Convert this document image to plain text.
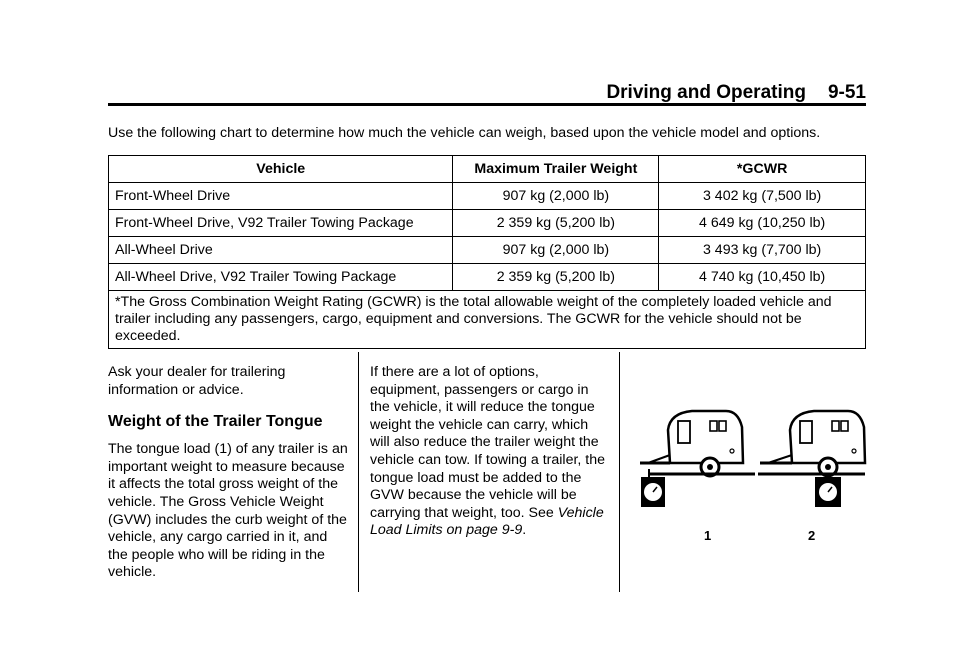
Driving and Operating 9-51
Use the following chart to determine how much the vehicle can weigh, based upon the vehicle model and options.
Vehicle	Maximum Trailer Weight	*GCWR
Front-Wheel Drive	907 kg (2,000 lb)	3 402 kg (7,500 lb)
Front-Wheel Drive, V92 Trailer Towing Package	2 359 kg (5,200 lb)	4 649 kg (10,250 lb)
All-Wheel Drive	907 kg (2,000 lb)	3 493 kg (7,700 lb)
All-Wheel Drive, V92 Trailer Towing Package	2 359 kg (5,200 lb)	4 740 kg (10,450 lb)
*The Gross Combination Weight Rating (GCWR) is the total allowable weight of the completely loaded vehicle and trailer including any passengers, cargo, equipment and conversions. The GCWR for the vehicle should not be exceeded.		

Ask your dealer for trailering information or advice.

Weight of the Trailer Tongue

The tongue load (1) of any trailer is an important weight to measure because it affects the total gross weight of the vehicle. The Gross Vehicle Weight (GVW) includes the curb weight of the vehicle, any cargo carried in it, and the people who will be riding in the vehicle.

If there are a lot of options, equipment, passengers or cargo in the vehicle, it will reduce the tongue weight the vehicle can carry, which will also reduce the trailer weight the vehicle can tow. If towing a trailer, the tongue load must be added to the GVW because the vehicle will be carrying that weight, too. See Vehicle Load Limits on page 9-9.	1	2
